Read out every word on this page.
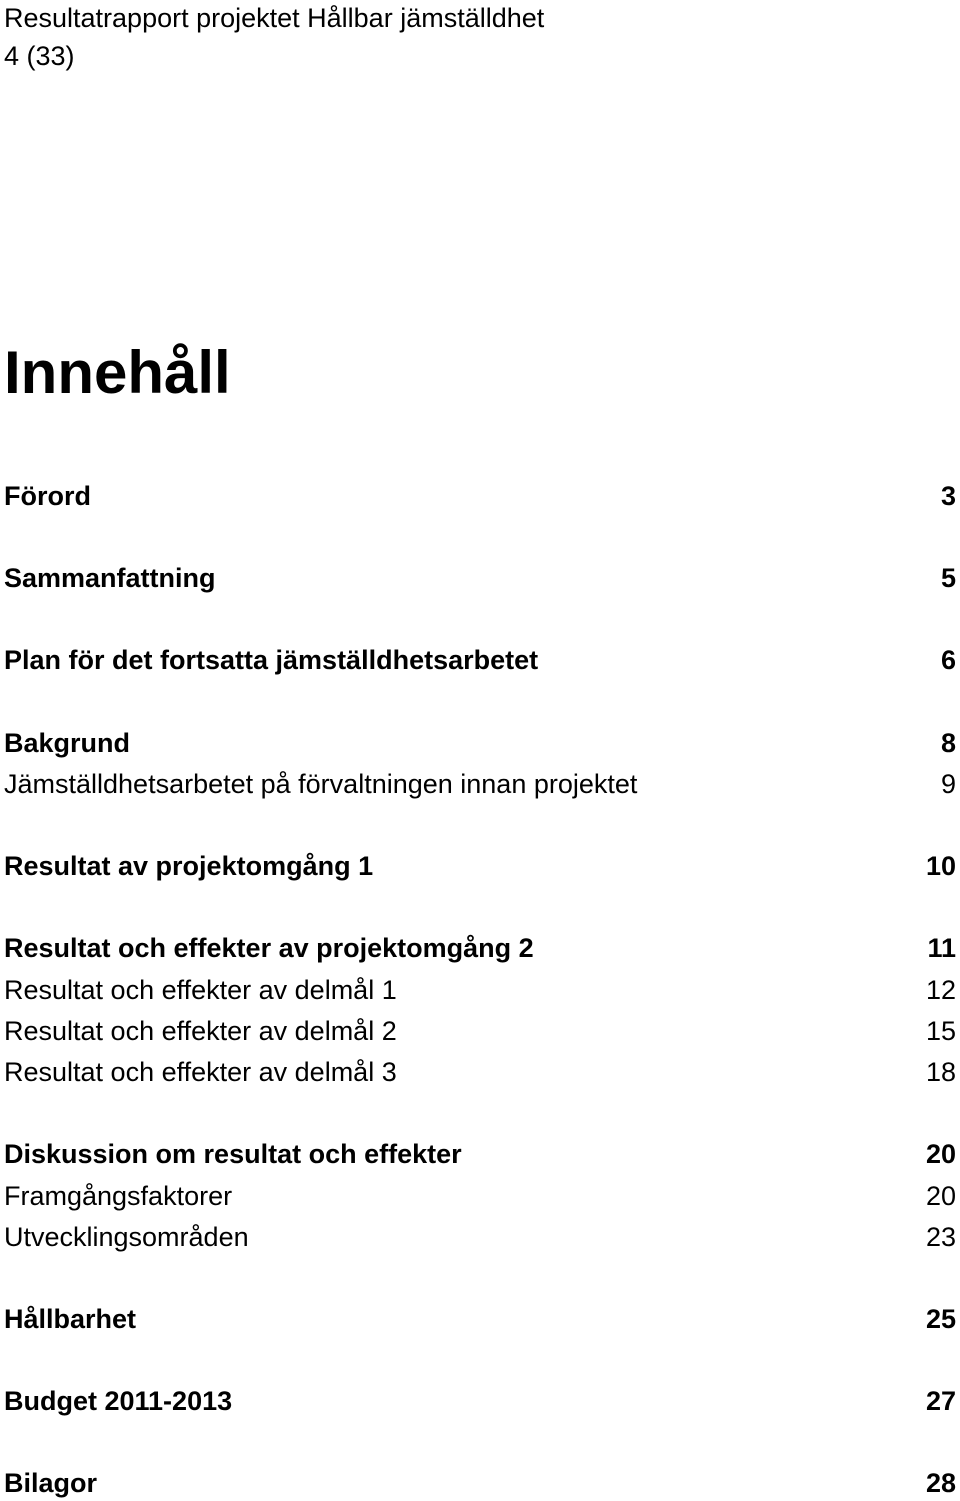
Resultatrapport projektet Hållbar jämställdhet
4 (33)
Innehåll
Förord	3
Sammanfattning	5
Plan för det fortsatta jämställdhetsarbetet	6
Bakgrund	8
Jämställdhetsarbetet på förvaltningen innan projektet	9
Resultat av projektomgång 1	10
Resultat och effekter av projektomgång 2	11
Resultat och effekter av delmål 1	12
Resultat och effekter av delmål 2	15
Resultat och effekter av delmål 3	18
Diskussion om resultat och effekter	20
Framgångsfaktorer	20
Utvecklingsområden	23
Hållbarhet	25
Budget 2011-2013	27
Bilagor	28
